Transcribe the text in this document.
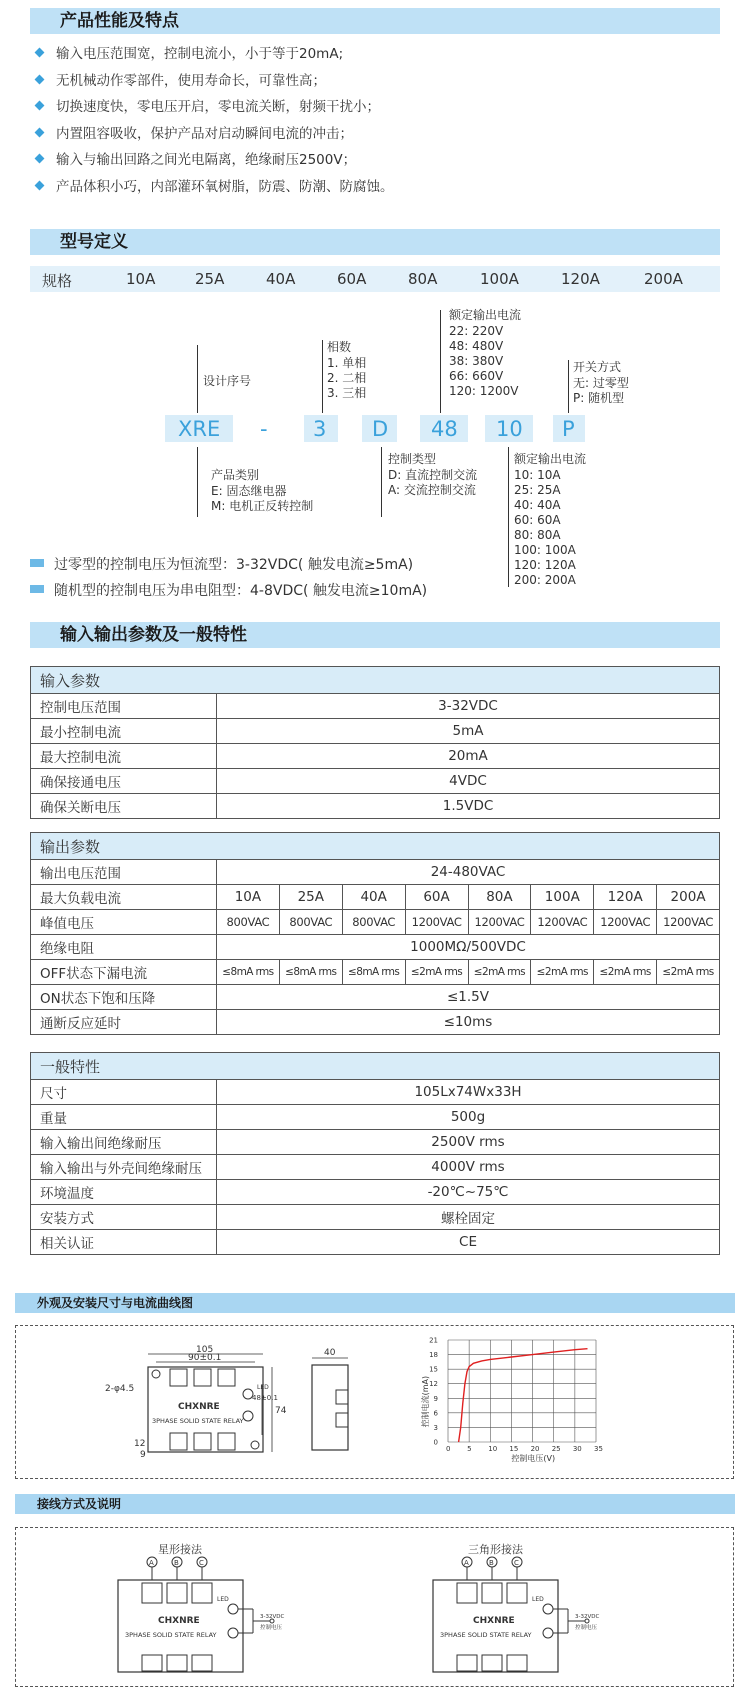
产品性能及特点
输入电压范围宽，控制电流小，小于等于20mA;
无机械动作零部件，使用寿命长，可靠性高；
切换速度快，零电压开启，零电流关断，射频干扰小；
内置阻容吸收，保护产品对启动瞬间电流的冲击；
输入与输出回路之间光电隔离，绝缘耐压2500V；
产品体积小巧，内部灌环氧树脂，防震、防潮、防腐蚀。
型号定义
规格	10A	25A	40A	60A	80A	100A	120A	200A
XRE - 3 D 48 10 P
设计序号
相数
1. 单相
2. 二相
3. 三相
额定输出电流
22: 220V
48: 480V
38: 380V
66: 660V
120: 1200V
开关方式
无: 过零型
P: 随机型
产品类别
E: 固态继电器
M: 电机正反转控制
控制类型
D: 直流控制交流
A: 交流控制交流
额定输出电流
10: 10A
25: 25A
40: 40A
60: 60A
80: 80A
100: 100A
120: 120A
200: 200A
过零型的控制电压为恒流型：3-32VDC( 触发电流≥5mA)
随机型的控制电压为串电阻型：4-8VDC( 触发电流≥10mA)
输入输出参数及一般特性
输入参数	
控制电压范围	3-32VDC
最小控制电流	5mA
最大控制电流	20mA
确保接通电压	4VDC
确保关断电压	1.5VDC
输出参数								
输出电压范围	24-480VAC							
最大负载电流	10A	25A	40A	60A	80A	100A	120A	200A
峰值电压	800VAC	800VAC	800VAC	1200VAC	1200VAC	1200VAC	1200VAC	1200VAC
绝缘电阻	1000MΩ/500VDC							
OFF状态下漏电流	≤8mA rms	≤8mA rms	≤8mA rms	≤2mA rms	≤2mA rms	≤2mA rms	≤2mA rms	≤2mA rms
ON状态下饱和压降	≤1.5V							
通断反应延时	≤10ms							
一般特性	
尺寸	105Lx74Wx33H
重量	500g
输入输出间绝缘耐压	2500V rms
输入输出与外壳间绝缘耐压	4000V rms
环境温度	-20℃~75℃
安装方式	螺栓固定
相关认证	CE
外观及安装尺寸与电流曲线图
105
90±0.1
CHXNRE
3PHASE SOLID STATE RELAY
2-φ4.5
74
48±0.1
12
9
LED
40
0 5 10 15 20 25 30 35
0
3
6
9
12
15
18
21
控制电压(V)
控制电流(mA)
接线方式及说明
星形接法	三角形接法
A	B	C
CHXNRE
3PHASE SOLID STATE RELAY
3-32VDC
控制电压
LED
A	B	C
CHXNRE
3PHASE SOLID STATE RELAY
3-32VDC
控制电压
LED
